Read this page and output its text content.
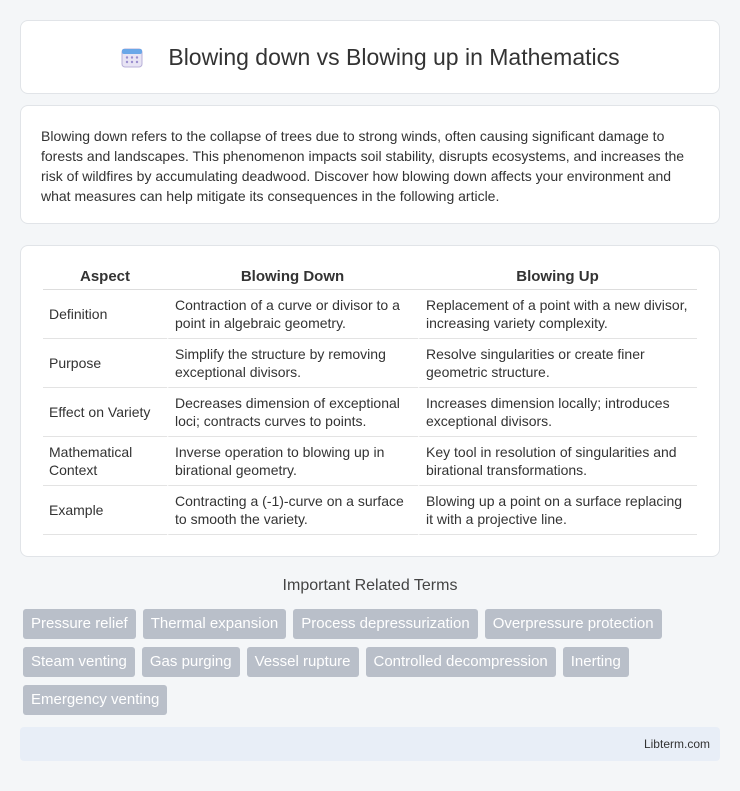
Blowing down vs Blowing up in Mathematics

Blowing down refers to the collapse of trees due to strong winds, often causing significant damage to forests and landscapes. This phenomenon impacts soil stability, disrupts ecosystems, and increases the risk of wildfires by accumulating deadwood. Discover how blowing down affects your environment and what measures can help mitigate its consequences in the following article.

Aspect	Blowing Down	Blowing Up
Definition	Contraction of a curve or divisor to a point in algebraic geometry.	Replacement of a point with a new divisor, increasing variety complexity.
Purpose	Simplify the structure by removing exceptional divisors.	Resolve singularities or create finer geometric structure.
Effect on Variety	Decreases dimension of exceptional loci; contracts curves to points.	Increases dimension locally; introduces exceptional divisors.
Mathematical Context	Inverse operation to blowing up in birational geometry.	Key tool in resolution of singularities and birational transformations.
Example	Contracting a (-1)-curve on a surface to smooth the variety.	Blowing up a point on a surface replacing it with a projective line.
Important Related Terms
Pressure relief	Thermal expansion	Process depressurization	Overpressure protection
Steam venting	Gas purging	Vessel rupture	Controlled decompression	Inerting
Emergency venting
Libterm.com
